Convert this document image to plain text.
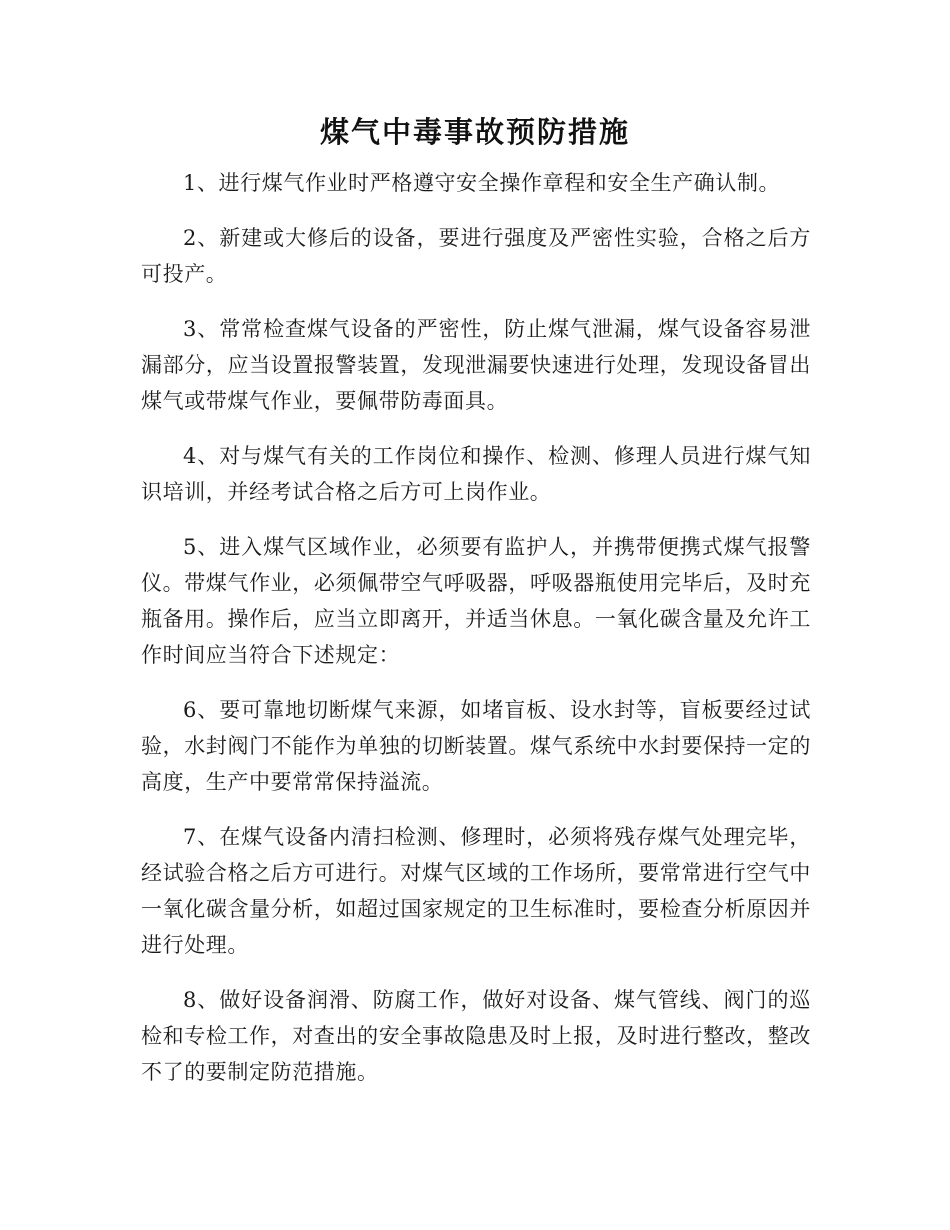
煤气中毒事故预防措施

1、进行煤气作业时严格遵守安全操作章程和安全生产确认制。

2、新建或大修后的设备，要进行强度及严密性实验，合格之后方可投产。

3、常常检查煤气设备的严密性，防止煤气泄漏，煤气设备容易泄漏部分，应当设置报警装置，发现泄漏要快速进行处理，发现设备冒出煤气或带煤气作业，要佩带防毒面具。

4、对与煤气有关的工作岗位和操作、检测、修理人员进行煤气知识培训，并经考试合格之后方可上岗作业。

5、进入煤气区域作业，必须要有监护人，并携带便携式煤气报警仪。带煤气作业，必须佩带空气呼吸器，呼吸器瓶使用完毕后，及时充瓶备用。操作后，应当立即离开，并适当休息。一氧化碳含量及允许工作时间应当符合下述规定：

6、要可靠地切断煤气来源，如堵盲板、设水封等，盲板要经过试验，水封阀门不能作为单独的切断装置。煤气系统中水封要保持一定的高度，生产中要常常保持溢流。

7、在煤气设备内清扫检测、修理时，必须将残存煤气处理完毕，经试验合格之后方可进行。对煤气区域的工作场所，要常常进行空气中一氧化碳含量分析，如超过国家规定的卫生标准时，要检查分析原因并进行处理。

8、做好设备润滑、防腐工作，做好对设备、煤气管线、阀门的巡检和专检工作，对查出的安全事故隐患及时上报，及时进行整改，整改不了的要制定防范措施。
